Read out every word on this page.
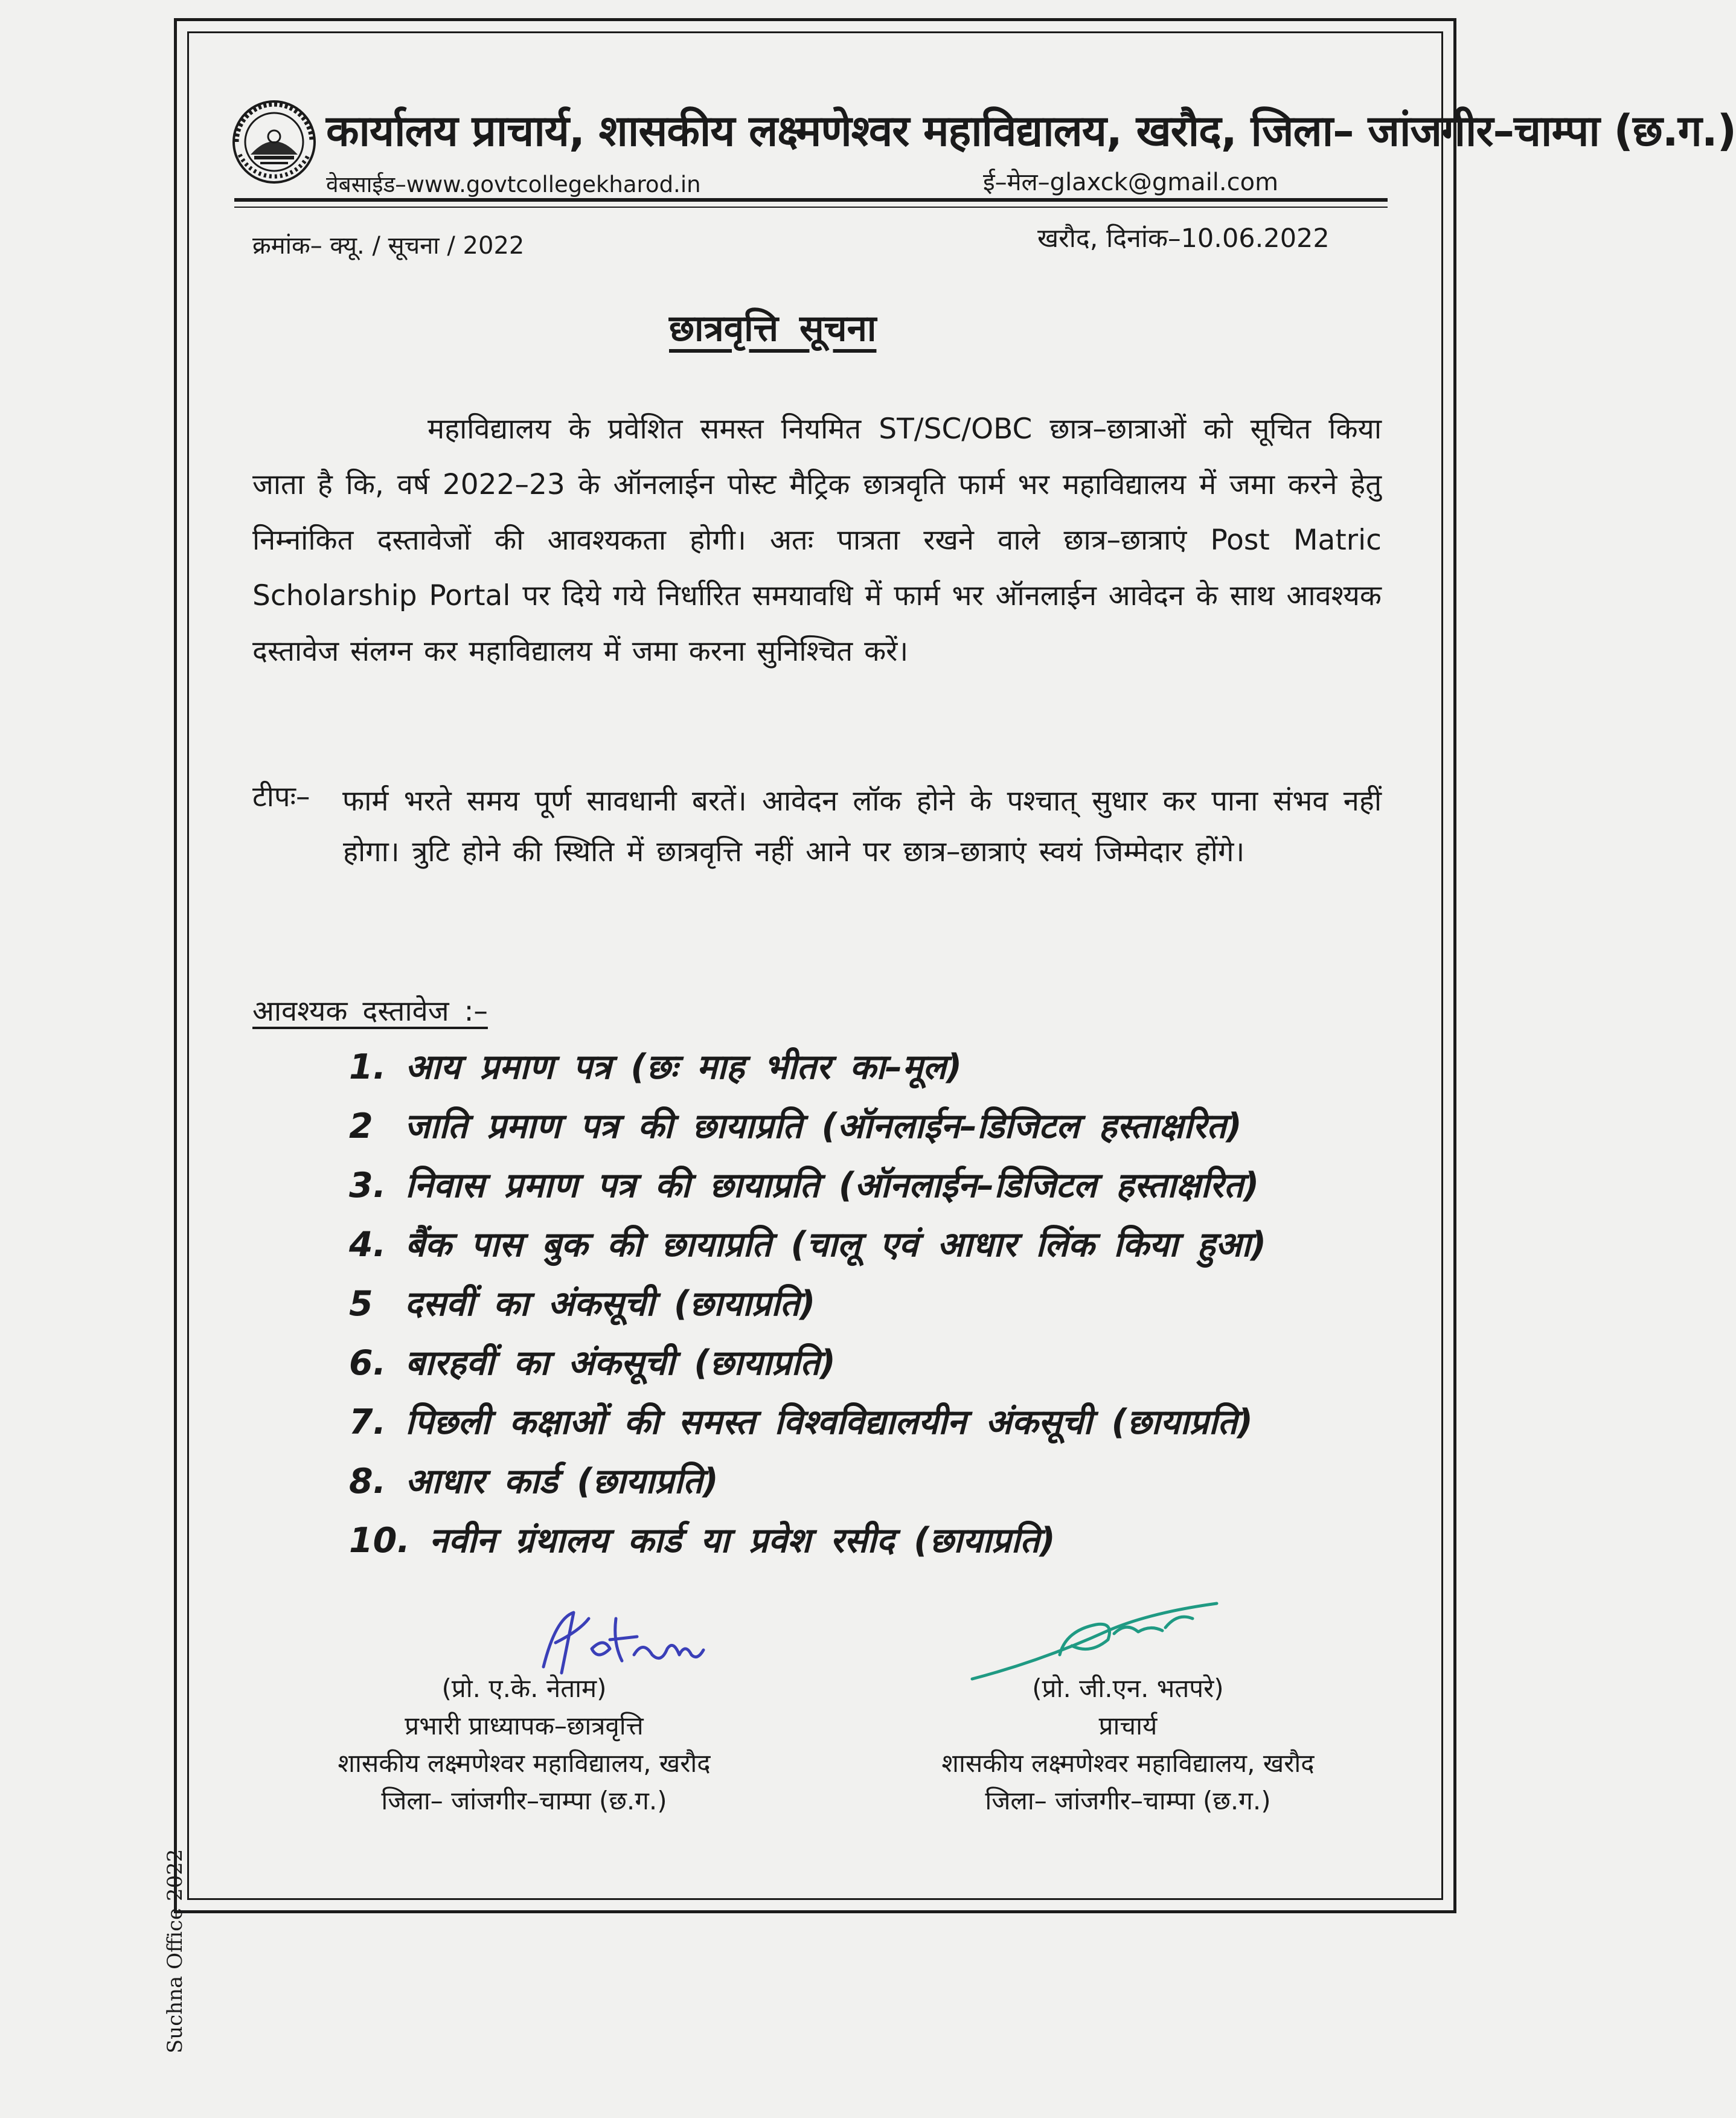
कार्यालय प्राचार्य, शासकीय लक्ष्मणेश्वर महाविद्यालय, खरौद, जिला– जांजगीर–चाम्पा (छ.ग.)
वेबसाईड–www.govtcollegekharod.in	ई–मेल–glaxck@gmail.com
क्रमांक– क्यू. / सूचना / 2022	खरौद, दिनांक–10.06.2022
छात्रवृत्ति सूचना
महाविद्यालय के प्रवेशित समस्त नियमित ST/SC/OBC छात्र–छात्राओं को सूचित किया जाता है कि, वर्ष 2022–23 के ऑनलाईन पोस्ट मैट्रिक छात्रवृति फार्म भर महाविद्यालय में जमा करने हेतु निम्नांकित दस्तावेजों की आवश्यकता होगी। अतः पात्रता रखने वाले छात्र–छात्राएं Post Matric Scholarship Portal पर दिये गये निर्धारित समयावधि में फार्म भर ऑनलाईन आवेदन के साथ आवश्यक दस्तावेज संलग्न कर महाविद्यालय में जमा करना सुनिश्चित करें।
टीपः– फार्म भरते समय पूर्ण सावधानी बरतें। आवेदन लॉक होने के पश्चात् सुधार कर पाना संभव नहीं होगा। त्रुटि होने की स्थिति में छात्रवृत्ति नहीं आने पर छात्र–छात्राएं स्वयं जिम्मेदार होंगे।
आवश्यक दस्तावेज :–
1. आय प्रमाण पत्र (छः माह भीतर का–मूल)
2 जाति प्रमाण पत्र की छायाप्रति (ऑनलाईन–डिजिटल हस्ताक्षरित)
3. निवास प्रमाण पत्र की छायाप्रति (ऑनलाईन–डिजिटल हस्ताक्षरित)
4. बैंक पास बुक की छायाप्रति (चालू एवं आधार लिंक किया हुआ)
5 दसवीं का अंकसूची (छायाप्रति)
6. बारहवीं का अंकसूची (छायाप्रति)
7. पिछली कक्षाओं की समस्त विश्वविद्यालयीन अंकसूची (छायाप्रति)
8. आधार कार्ड (छायाप्रति)
10. नवीन ग्रंथालय कार्ड या प्रवेश रसीद (छायाप्रति)
(प्रो. ए.के. नेताम)
प्रभारी प्राध्यापक–छात्रवृत्ति
शासकीय लक्ष्मणेश्वर महाविद्यालय, खरौद
जिला– जांजगीर–चाम्पा (छ.ग.)
(प्रो. जी.एन. भतपरे)
प्राचार्य
शासकीय लक्ष्मणेश्वर महाविद्यालय, खरौद
जिला– जांजगीर–चाम्पा (छ.ग.)
Suchna Office 2022
